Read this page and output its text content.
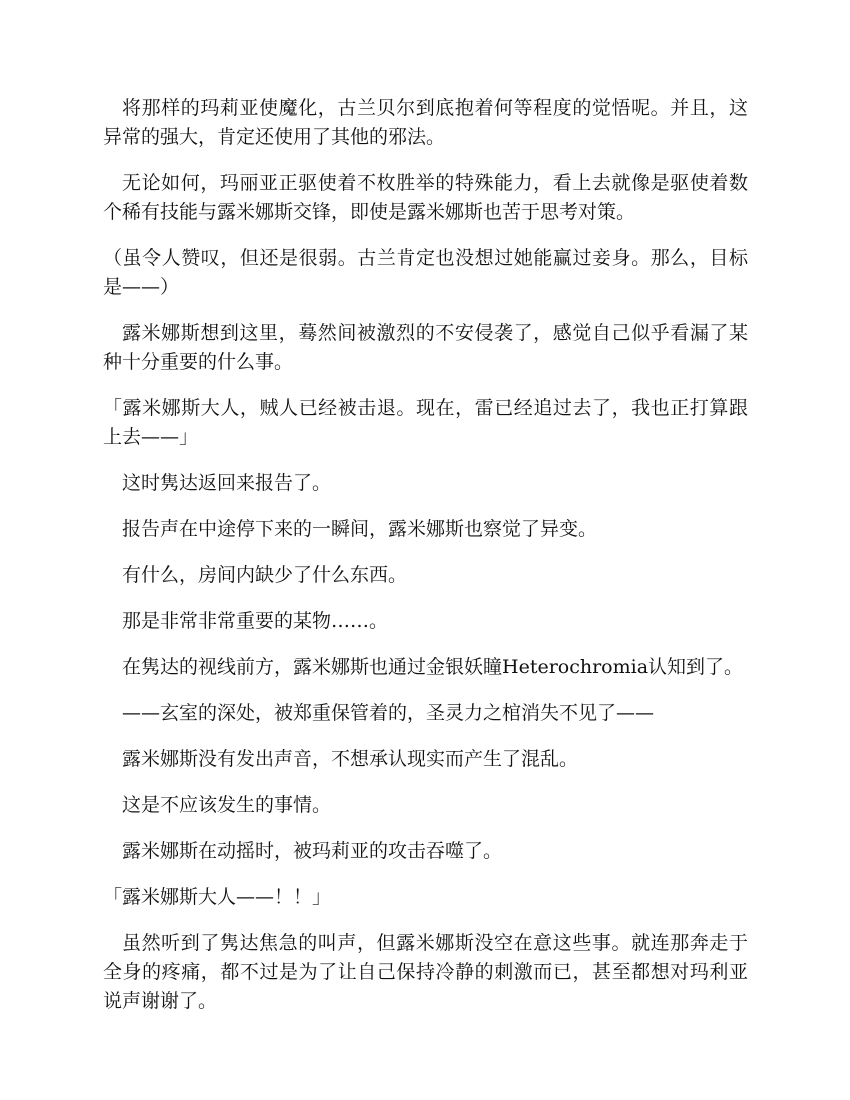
将那样的玛莉亚使魔化，古兰贝尔到底抱着何等程度的觉悟呢。并且，这异常的强大，肯定还使用了其他的邪法。

无论如何，玛丽亚正驱使着不枚胜举的特殊能力，看上去就像是驱使着数个稀有技能与露米娜斯交锋，即使是露米娜斯也苦于思考对策。

（虽令人赞叹，但还是很弱。古兰肯定也没想过她能赢过妾身。那么，目标是——）

露米娜斯想到这里，蓦然间被激烈的不安侵袭了，感觉自己似乎看漏了某种十分重要的什么事。

「露米娜斯大人，贼人已经被击退。现在，雷已经追过去了，我也正打算跟上去——」

这时隽达返回来报告了。

报告声在中途停下来的一瞬间，露米娜斯也察觉了异变。

有什么，房间内缺少了什么东西。

那是非常非常重要的某物……。

在隽达的视线前方，露米娜斯也通过金银妖瞳Heterochromia认知到了。

——玄室的深处，被郑重保管着的，圣灵力之棺消失不见了——

露米娜斯没有发出声音，不想承认现实而产生了混乱。

这是不应该发生的事情。

露米娜斯在动摇时，被玛莉亚的攻击吞噬了。

「露米娜斯大人——！！」

虽然听到了隽达焦急的叫声，但露米娜斯没空在意这些事。就连那奔走于全身的疼痛，都不过是为了让自己保持冷静的刺激而已，甚至都想对玛利亚说声谢谢了。
